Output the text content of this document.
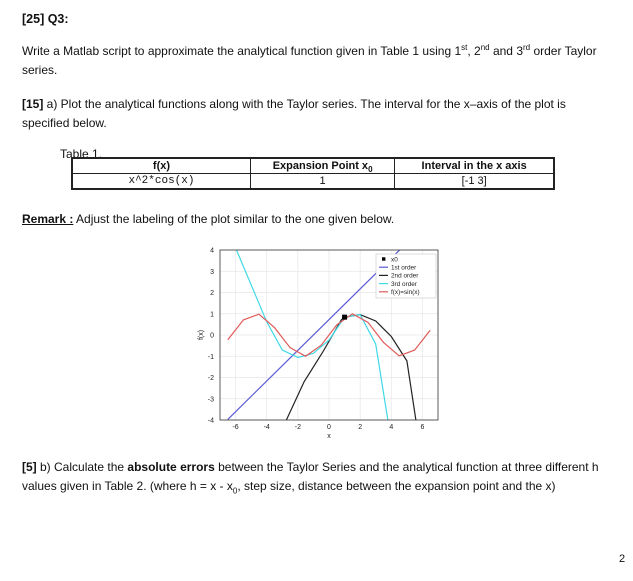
[25] Q3:
Write a Matlab script to approximate the analytical function given in Table 1 using 1st, 2nd and 3rd order Taylor series.
[15] a) Plot the analytical functions along with the Taylor series. The interval for the x–axis of the plot is specified below.
Table 1.
f(x)	Expansion Point $x_0$	Interval in the x axis
x^2*cos(x)	1	[-1 3]
Remark : Adjust the labeling of the plot similar to the one given below.
-6	-4	-2	0	2	4	6
-4
-3
-2
-1
0
1
2
3
4
x
f(x)
x0
1st order
2nd order
3rd order
f(x)=sin(x)
[5] b) Calculate the absolute errors between the Taylor Series and the analytical function at three different h values given in Table 2. (where $h = x - x_0$, step size, distance between the expansion point and the x)
2
